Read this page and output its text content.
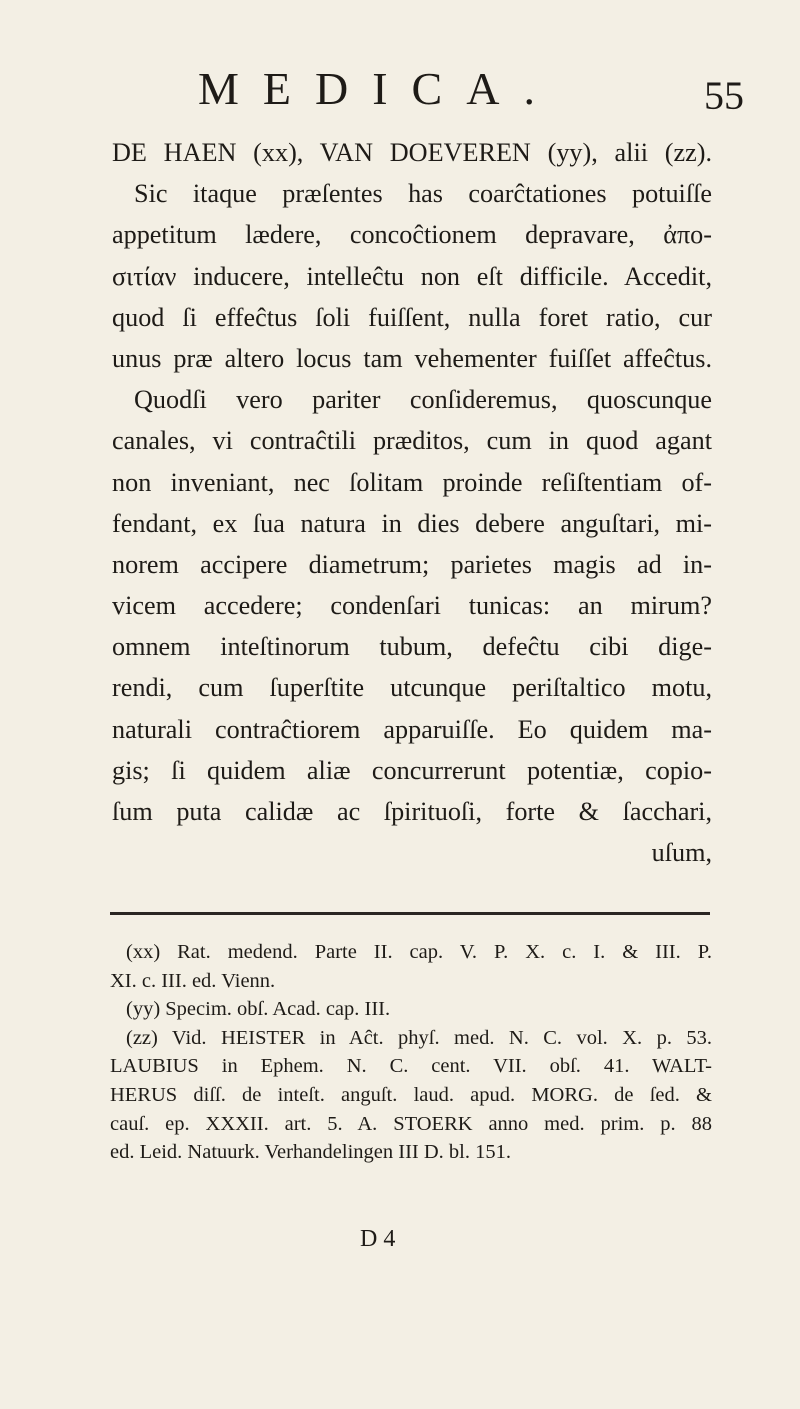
MEDICA.	55
DE HAEN (xx), VAN DOEVEREN (yy), alii (zz).
Sic itaque præſentes has coarĉtationes potuiſſe
appetitum lædere, concoĉtionem depravare, ἀπο-
σιτίαν inducere, intelleĉtu non eſt difficile. Accedit,
quod ſi effeĉtus ſoli fuiſſent, nulla foret ratio, cur
unus præ altero locus tam vehementer fuiſſet affeĉtus.
Quodſi vero pariter conſideremus, quoscunque
canales, vi contraĉtili præditos, cum in quod agant
non inveniant, nec ſolitam proinde reſiſtentiam of-
fendant, ex ſua natura in dies debere anguſtari, mi-
norem accipere diametrum; parietes magis ad in-
vicem accedere; condenſari tunicas: an mirum?
omnem inteſtinorum tubum, defeĉtu cibi dige-
rendi, cum ſuperſtite utcunque periſtaltico motu,
naturali contraĉtiorem apparuiſſe. Eo quidem ma-
gis; ſi quidem aliæ concurrerunt potentiæ, copio-
ſum puta calidæ ac ſpirituoſi, forte & ſacchari,
uſum,
(xx) Rat. medend. Parte II. cap. V. P. X. c. I. & III. P.
XI. c. III. ed. Vienn.
(yy) Specim. obſ. Acad. cap. III.
(zz) Vid. HEISTER in Aĉt. phyſ. med. N. C. vol. X. p. 53.
LAUBIUS in Ephem. N. C. cent. VII. obſ. 41. WALT-
HERUS diſſ. de inteſt. anguſt. laud. apud. MORG. de ſed. &
cauſ. ep. XXXII. art. 5. A. STOERK anno med. prim. p. 88
ed. Leid. Natuurk. Verhandelingen III D. bl. 151.
D 4
